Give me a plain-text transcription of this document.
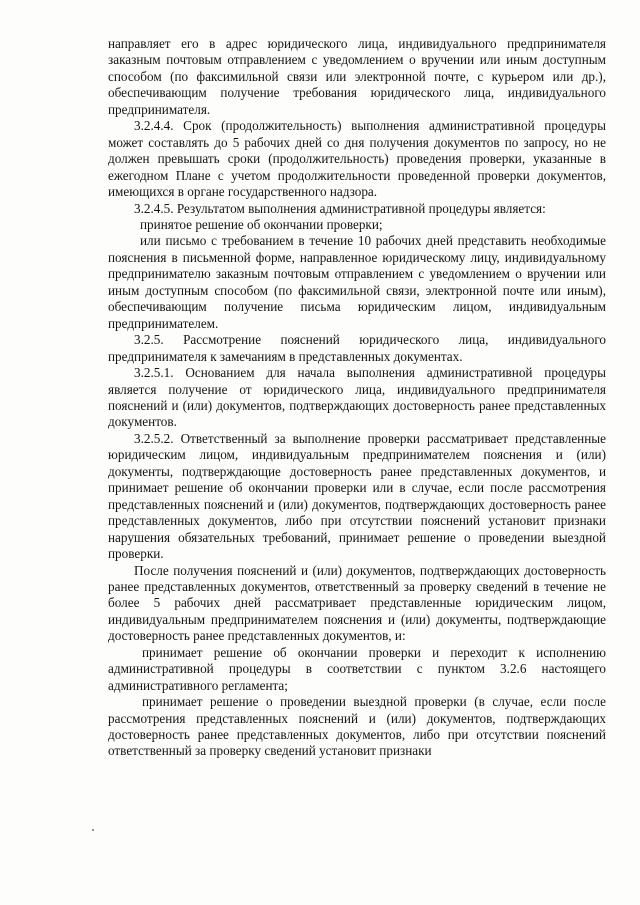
направляет его в адрес юридического лица, индивидуального предпринимателя заказным почтовым отправлением с уведомлением о вручении или иным доступным способом (по факсимильной связи или электронной почте, с курьером или др.), обеспечивающим получение требования юридического лица, индивидуального предпринимателя.

3.2.4.4. Срок (продолжительность) выполнения административной процедуры может составлять до 5 рабочих дней со дня получения документов по запросу, но не должен превышать сроки (продолжительность) проведения проверки, указанные в ежегодном Плане с учетом продолжительности проведенной проверки документов, имеющихся в органе государственного надзора.

3.2.4.5. Результатом выполнения административной процедуры является:

принятое решение об окончании проверки;

или письмо с требованием в течение 10 рабочих дней представить необходимые пояснения в письменной форме, направленное юридическому лицу, индивидуальному предпринимателю заказным почтовым отправлением с уведомлением о вручении или иным доступным способом (по факсимильной связи, электронной почте или иным), обеспечивающим получение письма юридическим лицом, индивидуальным предпринимателем.

3.2.5. Рассмотрение пояснений юридического лица, индивидуального предпринимателя к замечаниям в представленных документах.

3.2.5.1. Основанием для начала выполнения административной процедуры является получение от юридического лица, индивидуального предпринимателя пояснений и (или) документов, подтверждающих достоверность ранее представленных документов.

3.2.5.2. Ответственный за выполнение проверки рассматривает представленные юридическим лицом, индивидуальным предпринимателем пояснения и (или) документы, подтверждающие достоверность ранее представленных документов, и принимает решение об окончании проверки или в случае, если после рассмотрения представленных пояснений и (или) документов, подтверждающих достоверность ранее представленных документов, либо при отсутствии пояснений установит признаки нарушения обязательных требований, принимает решение о проведении выездной проверки.

После получения пояснений и (или) документов, подтверждающих достоверность ранее представленных документов, ответственный за проверку сведений в течение не более 5 рабочих дней рассматривает представленные юридическим лицом, индивидуальным предпринимателем пояснения и (или) документы, подтверждающие достоверность ранее представленных документов, и:

принимает решение об окончании проверки и переходит к исполнению административной процедуры в соответствии с пунктом 3.2.6 настоящего административного регламента;

принимает решение о проведении выездной проверки (в случае, если после рассмотрения представленных пояснений и (или) документов, подтверждающих достоверность ранее представленных документов, либо при отсутствии пояснений ответственный за проверку сведений установит признаки
